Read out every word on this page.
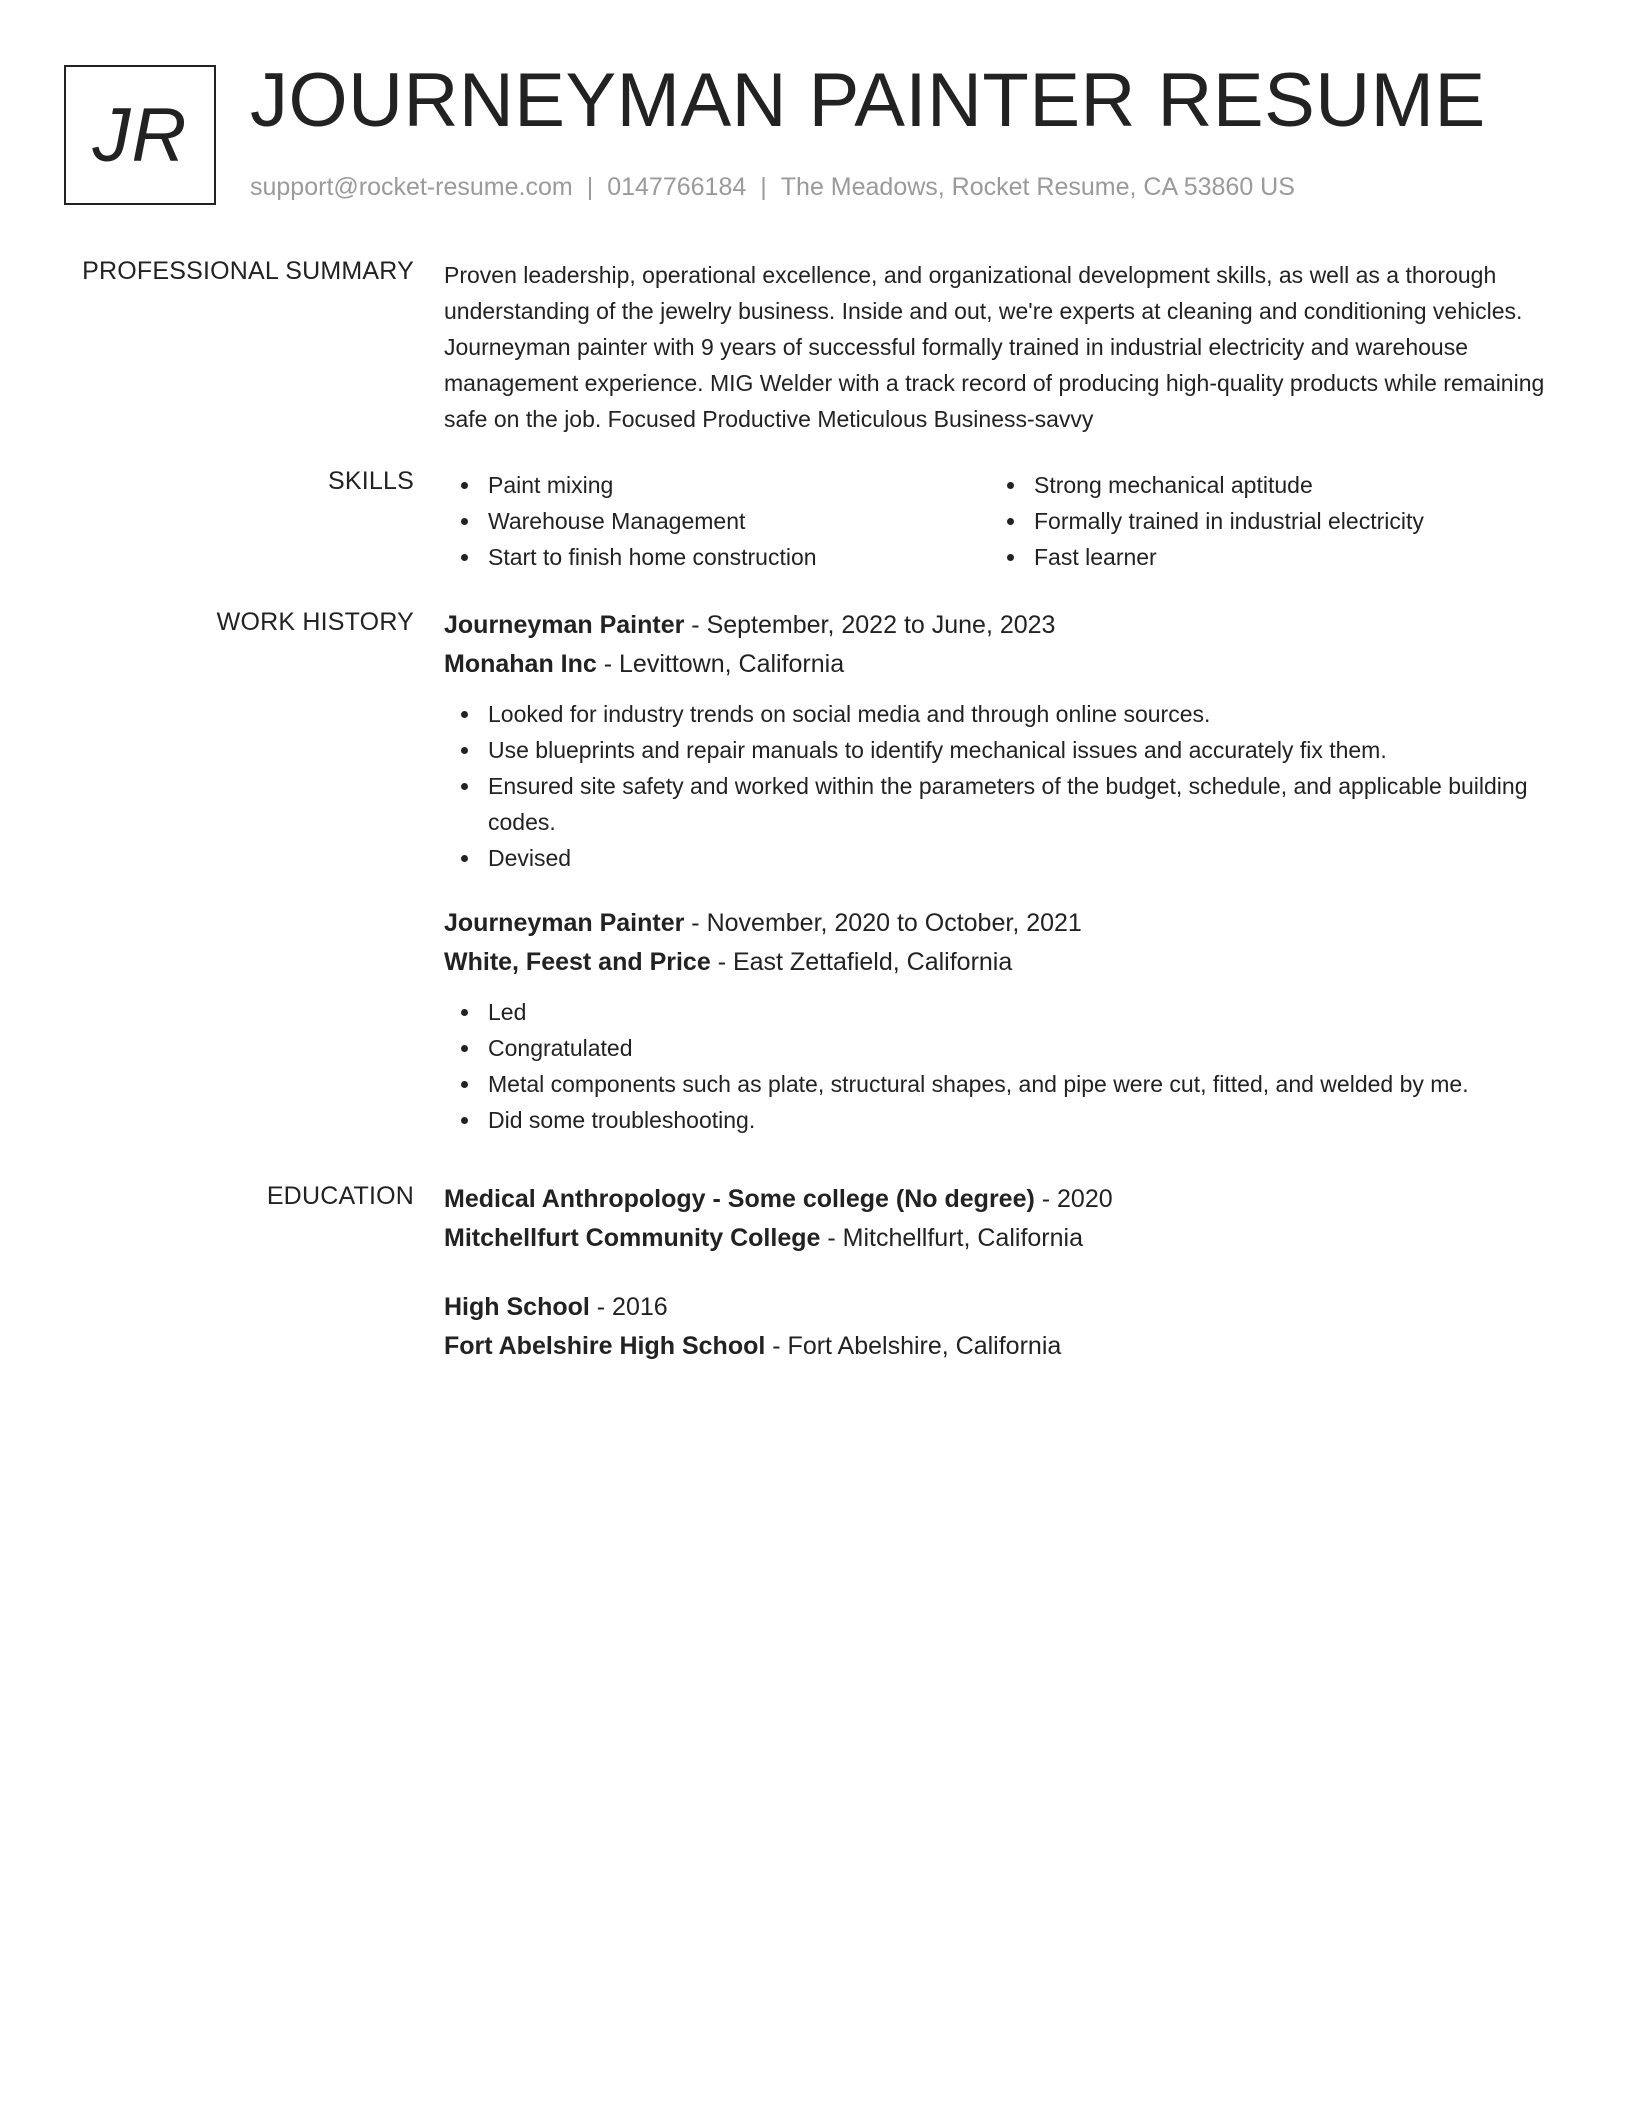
JR JOURNEYMAN PAINTER RESUME
support@rocket-resume.com | 0147766184 | The Meadows, Rocket Resume, CA 53860 US
PROFESSIONAL SUMMARY Proven leadership, operational excellence, and organizational development skills, as well as a thorough understanding of the jewelry business. Inside and out, we're experts at cleaning and conditioning vehicles. Journeyman painter with 9 years of successful formally trained in industrial electricity and warehouse management experience. MIG Welder with a track record of producing high-quality products while remaining safe on the job. Focused Productive Meticulous Business-savvy

SKILLS	Paint mixing
Warehouse Management
Start to finish home construction
Strong mechanical aptitude
Formally trained in industrial electricity
Fast learner
WORK HISTORY Journeyman Painter - September, 2022 to June, 2023
Monahan Inc - Levittown, California
Looked for industry trends on social media and through online sources.
Use blueprints and repair manuals to identify mechanical issues and accurately fix them.
Ensured site safety and worked within the parameters of the budget, schedule, and applicable building codes.
Devised
Journeyman Painter - November, 2020 to October, 2021
White, Feest and Price - East Zettafield, California
Led
Congratulated
Metal components such as plate, structural shapes, and pipe were cut, fitted, and welded by me.
Did some troubleshooting.
EDUCATION Medical Anthropology - Some college (No degree) - 2020
Mitchellfurt Community College - Mitchellfurt, California
High School - 2016
Fort Abelshire High School - Fort Abelshire, California
